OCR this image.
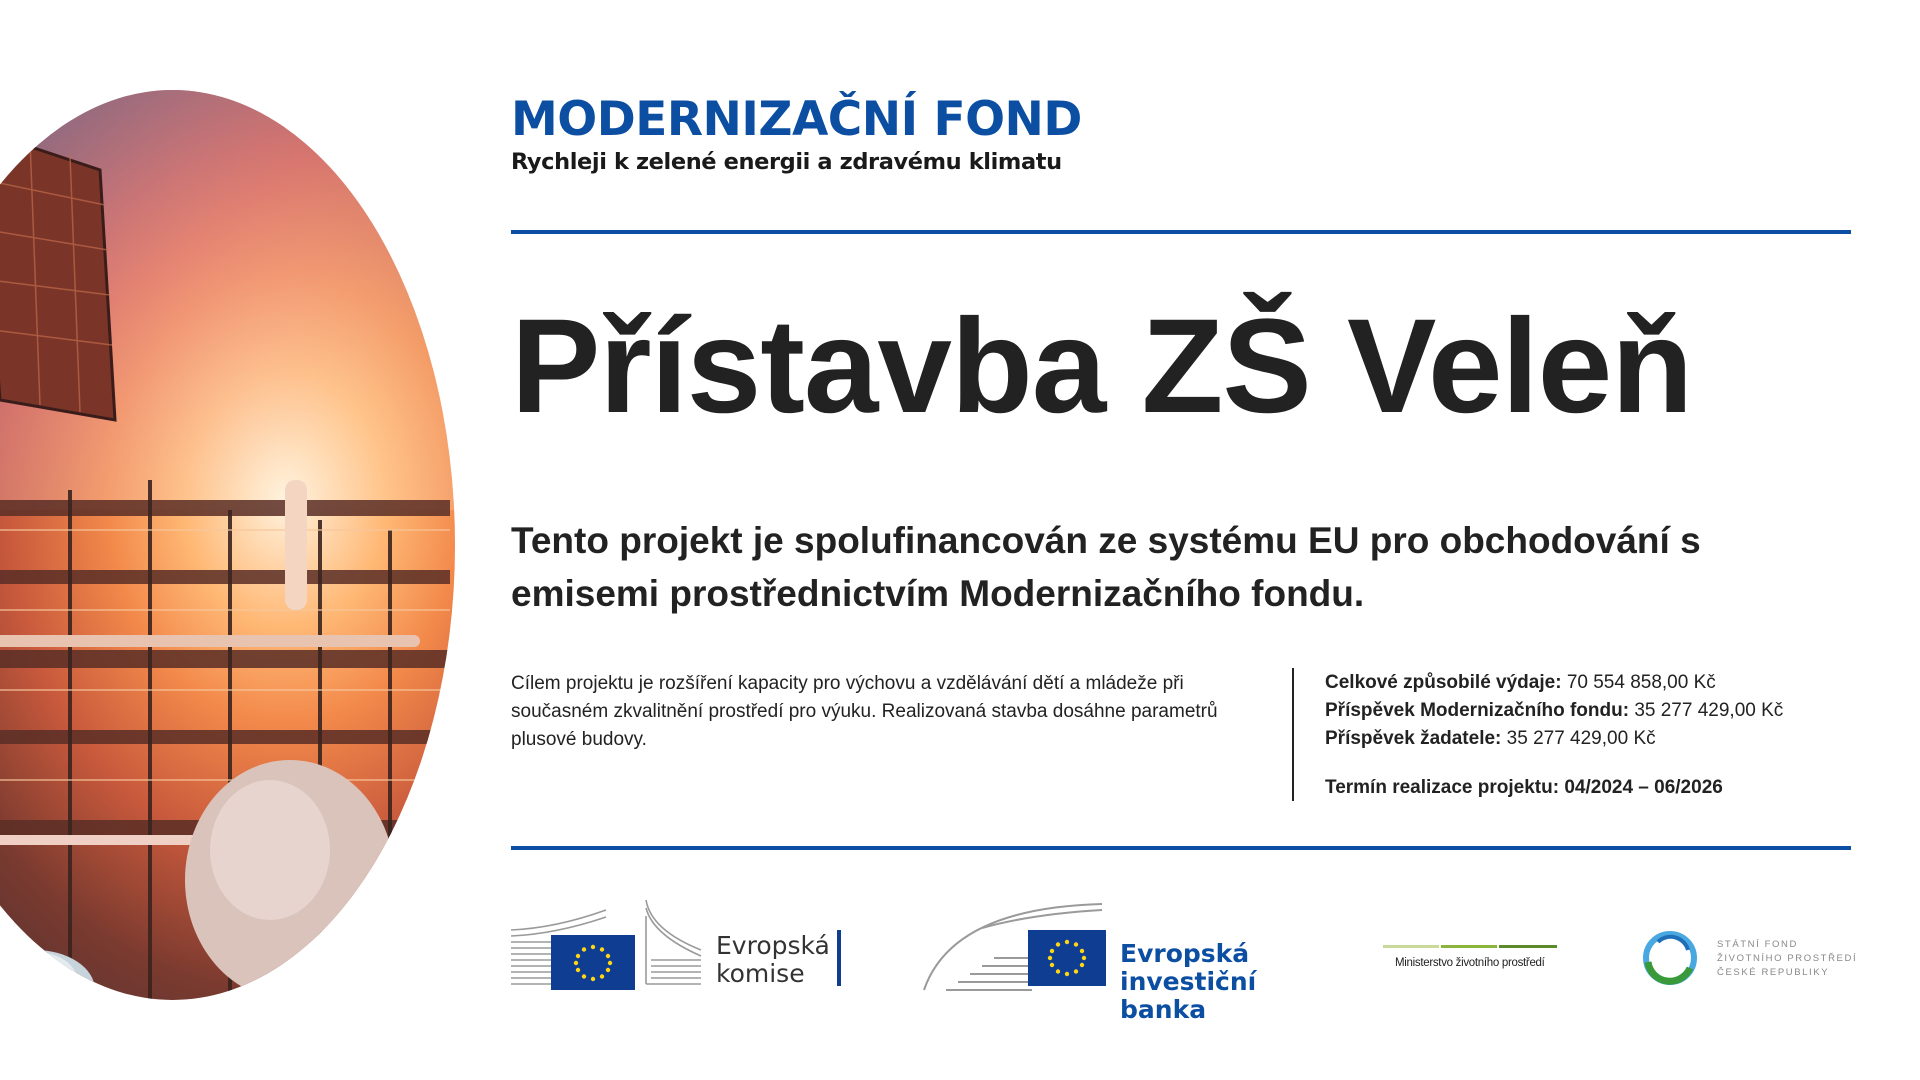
MODERNIZAČNÍ FOND
Rychleji k zelené energii a zdravému klimatu
Přístavba ZŠ Veleň

Tento projekt je spolufinancován ze systému EU pro obchodování s emisemi prostřednictvím Modernizačního fondu.

Cílem projektu je rozšíření kapacity pro výchovu a vzdělávání dětí a mládeže při současném zkvalitnění prostředí pro výuku. Realizovaná stavba dosáhne parametrů plusové budovy.

Celkové způsobilé výdaje: 70 554 858,00 Kč
Příspěvek Modernizačního fondu: 35 277 429,00 Kč
Příspěvek žadatele: 35 277 429,00 Kč
Termín realizace projektu: 04/2024 – 06/2026
Evropská
komise
Evropská
investiční banka
Ministerstvo životního prostředí
STÁTNÍ FOND
ŽIVOTNÍHO PROSTŘEDÍ
ČESKÉ REPUBLIKY
